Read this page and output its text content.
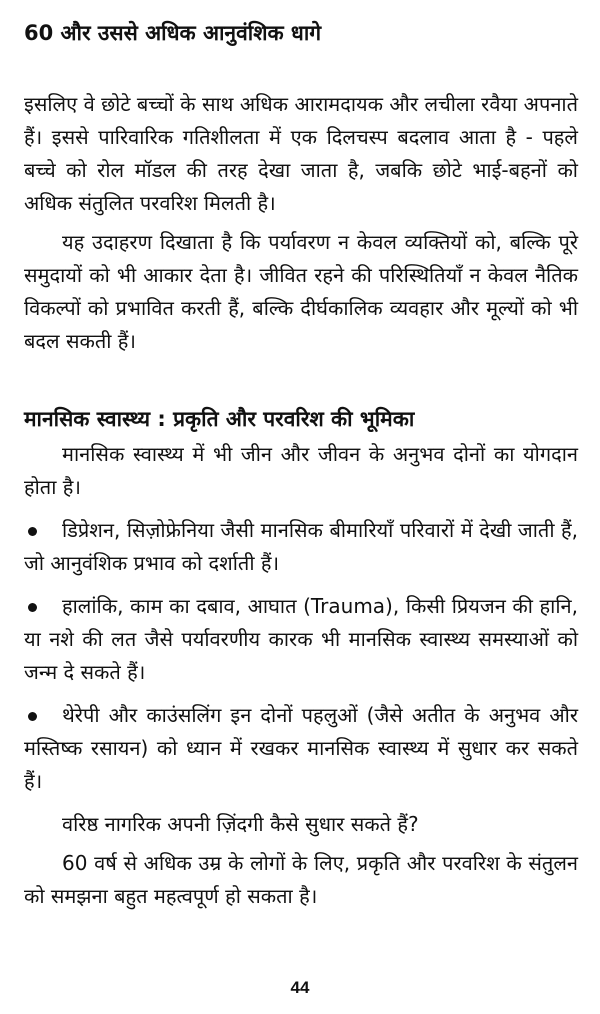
60 और उससे अधिक आनुवंशिक धागे

इसलिए वे छोटे बच्चों के साथ अधिक आरामदायक और लचीला रवैया अपनाते हैं। इससे पारिवारिक गतिशीलता में एक दिलचस्प बदलाव आता है - पहले बच्चे को रोल मॉडल की तरह देखा जाता है, जबकि छोटे भाई-बहनों को अधिक संतुलित परवरिश मिलती है।

यह उदाहरण दिखाता है कि पर्यावरण न केवल व्यक्तियों को, बल्कि पूरे समुदायों को भी आकार देता है। जीवित रहने की परिस्थितियाँ न केवल नैतिक विकल्पों को प्रभावित करती हैं, बल्कि दीर्घकालिक व्यवहार और मूल्यों को भी बदल सकती हैं।

मानसिक स्वास्थ्य : प्रकृति और परवरिश की भूमिका

मानसिक स्वास्थ्य में भी जीन और जीवन के अनुभव दोनों का योगदान होता है।

डिप्रेशन, सिज़ोफ्रेनिया जैसी मानसिक बीमारियाँ परिवारों में देखी जाती हैं, जो आनुवंशिक प्रभाव को दर्शाती हैं।

हालांकि, काम का दबाव, आघात (Trauma), किसी प्रियजन की हानि, या नशे की लत जैसे पर्यावरणीय कारक भी मानसिक स्वास्थ्य समस्याओं को जन्म दे सकते हैं।

थेरेपी और काउंसलिंग इन दोनों पहलुओं (जैसे अतीत के अनुभव और मस्तिष्क रसायन) को ध्यान में रखकर मानसिक स्वास्थ्य में सुधार कर सकते हैं।

वरिष्ठ नागरिक अपनी ज़िंदगी कैसे सुधार सकते हैं?

60 वर्ष से अधिक उम्र के लोगों के लिए, प्रकृति और परवरिश के संतुलन को समझना बहुत महत्वपूर्ण हो सकता है।

44
